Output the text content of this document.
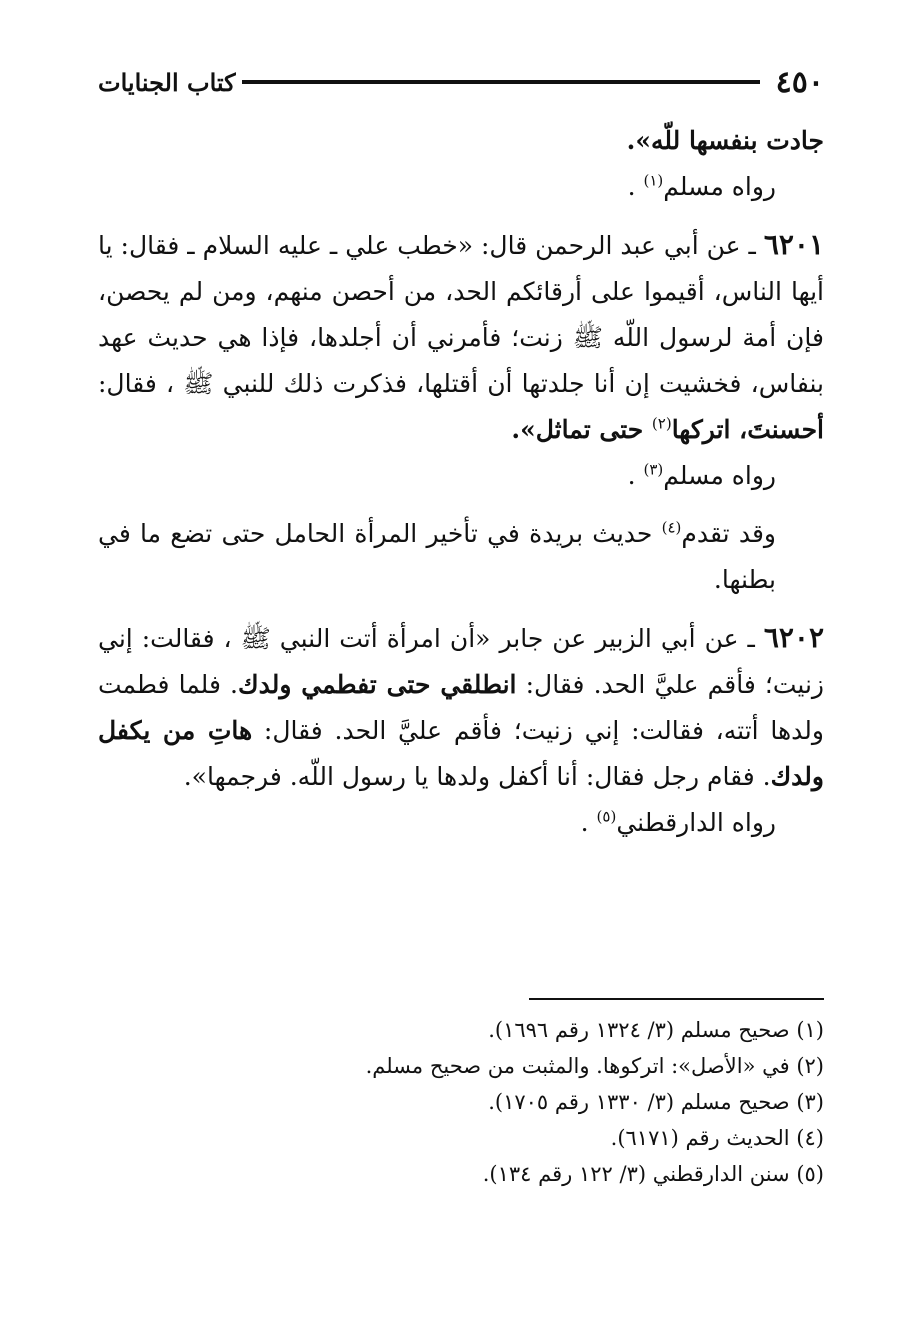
٤٥٠
كتاب الجنايات

جادت بنفسها للّه».

رواه مسلم$^{(١)}$ .

٦٢٠١ ـ عن أبي عبد الرحمن قال: «خطب علي ـ عليه السلام ـ فقال: يا أيها الناس، أقيموا على أرقائكم الحد، من أحصن منهم، ومن لم يحصن، فإن أمة لرسول اللّه ﷺ زنت؛ فأمرني أن أجلدها، فإذا هي حديث عهد بنفاس، فخشيت إن أنا جلدتها أن أقتلها، فذكرت ذلك للنبي ﷺ ، فقال: أحسنتَ، اتركها$^{(٢)}$ حتى تماثل».

رواه مسلم$^{(٣)}$ .

وقد تقدم$^{(٤)}$ حديث بريدة في تأخير المرأة الحامل حتى تضع ما في بطنها.

٦٢٠٢ ـ عن أبي الزبير عن جابر «أن امرأة أتت النبي ﷺ ، فقالت: إني زنيت؛ فأقم عليَّ الحد. فقال: انطلقي حتى تفطمي ولدك. فلما فطمت ولدها أتته، فقالت: إني زنيت؛ فأقم عليَّ الحد. فقال: هاتِ من يكفل ولدك. فقام رجل فقال: أنا أكفل ولدها يا رسول اللّه. فرجمها».

رواه الدارقطني$^{(٥)}$ .

(١) صحيح مسلم (٣/ ١٣٢٤ رقم ١٦٩٦).

(٢) في «الأصل»: اتركوها. والمثبت من صحيح مسلم.

(٣) صحيح مسلم (٣/ ١٣٣٠ رقم ١٧٠٥).

(٤) الحديث رقم (٦١٧١).

(٥) سنن الدارقطني (٣/ ١٢٢ رقم ١٣٤).
